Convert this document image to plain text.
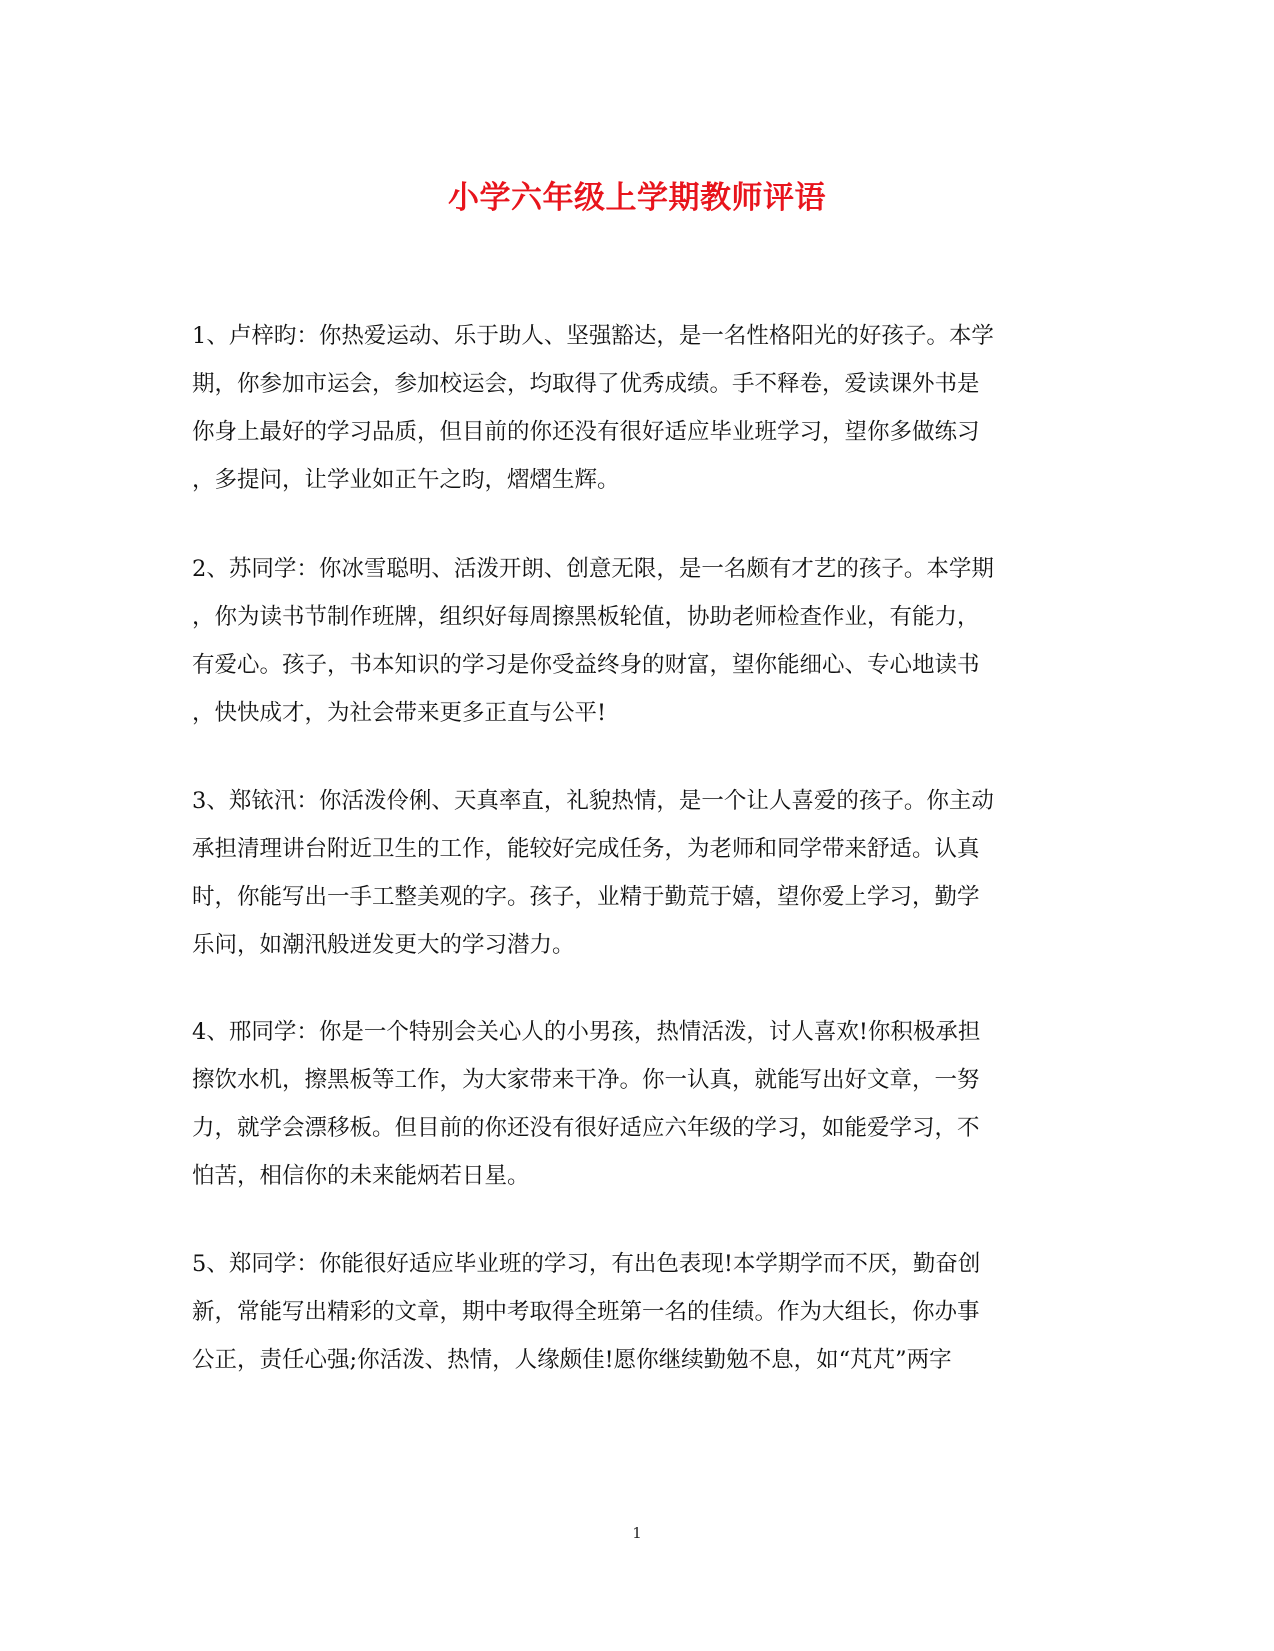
小学六年级上学期教师评语
1、卢梓昀：你热爱运动、乐于助人、坚强豁达，是一名性格阳光的好孩子。本学
期，你参加市运会，参加校运会，均取得了优秀成绩。手不释卷，爱读课外书是
你身上最好的学习品质，但目前的你还没有很好适应毕业班学习，望你多做练习
，多提问，让学业如正午之昀，熠熠生辉。
2、苏同学：你冰雪聪明、活泼开朗、创意无限，是一名颇有才艺的孩子。本学期
，你为读书节制作班牌，组织好每周擦黑板轮值，协助老师检查作业，有能力，
有爱心。孩子，书本知识的学习是你受益终身的财富，望你能细心、专心地读书
，快快成才，为社会带来更多正直与公平!
3、郑铱汛：你活泼伶俐、天真率直，礼貌热情，是一个让人喜爱的孩子。你主动
承担清理讲台附近卫生的工作，能较好完成任务，为老师和同学带来舒适。认真
时，你能写出一手工整美观的字。孩子，业精于勤荒于嬉，望你爱上学习，勤学
乐问，如潮汛般迸发更大的学习潜力。
4、邢同学：你是一个特别会关心人的小男孩，热情活泼，讨人喜欢!你积极承担
擦饮水机，擦黑板等工作，为大家带来干净。你一认真，就能写出好文章，一努
力，就学会漂移板。但目前的你还没有很好适应六年级的学习，如能爱学习，不
怕苦，相信你的未来能炳若日星。
5、郑同学：你能很好适应毕业班的学习，有出色表现!本学期学而不厌，勤奋创
新，常能写出精彩的文章，期中考取得全班第一名的佳绩。作为大组长，你办事
公正，责任心强;你活泼、热情，人缘颇佳!愿你继续勤勉不息，如“芃芃”两字
1
